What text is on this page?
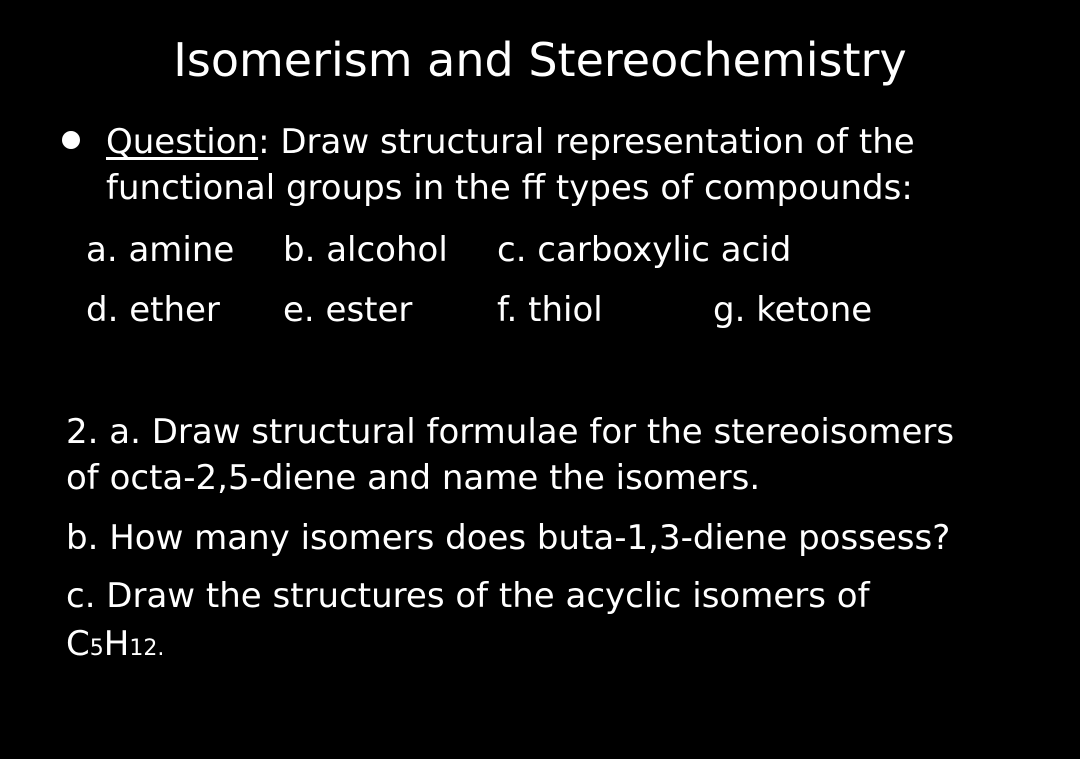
Isomerism and Stereochemistry
Question: Draw structural representation of the
functional groups in the ff types of compounds:
a. amine b. alcohol c. carboxylic acid
d. ether e. ester f. thiol	g. ketone
2. a. Draw structural formulae for the stereoisomers
of octa-2,5-diene and name the isomers.
b. How many isomers does buta-1,3-diene possess?
c. Draw the structures of the acyclic isomers of
C5H12.
